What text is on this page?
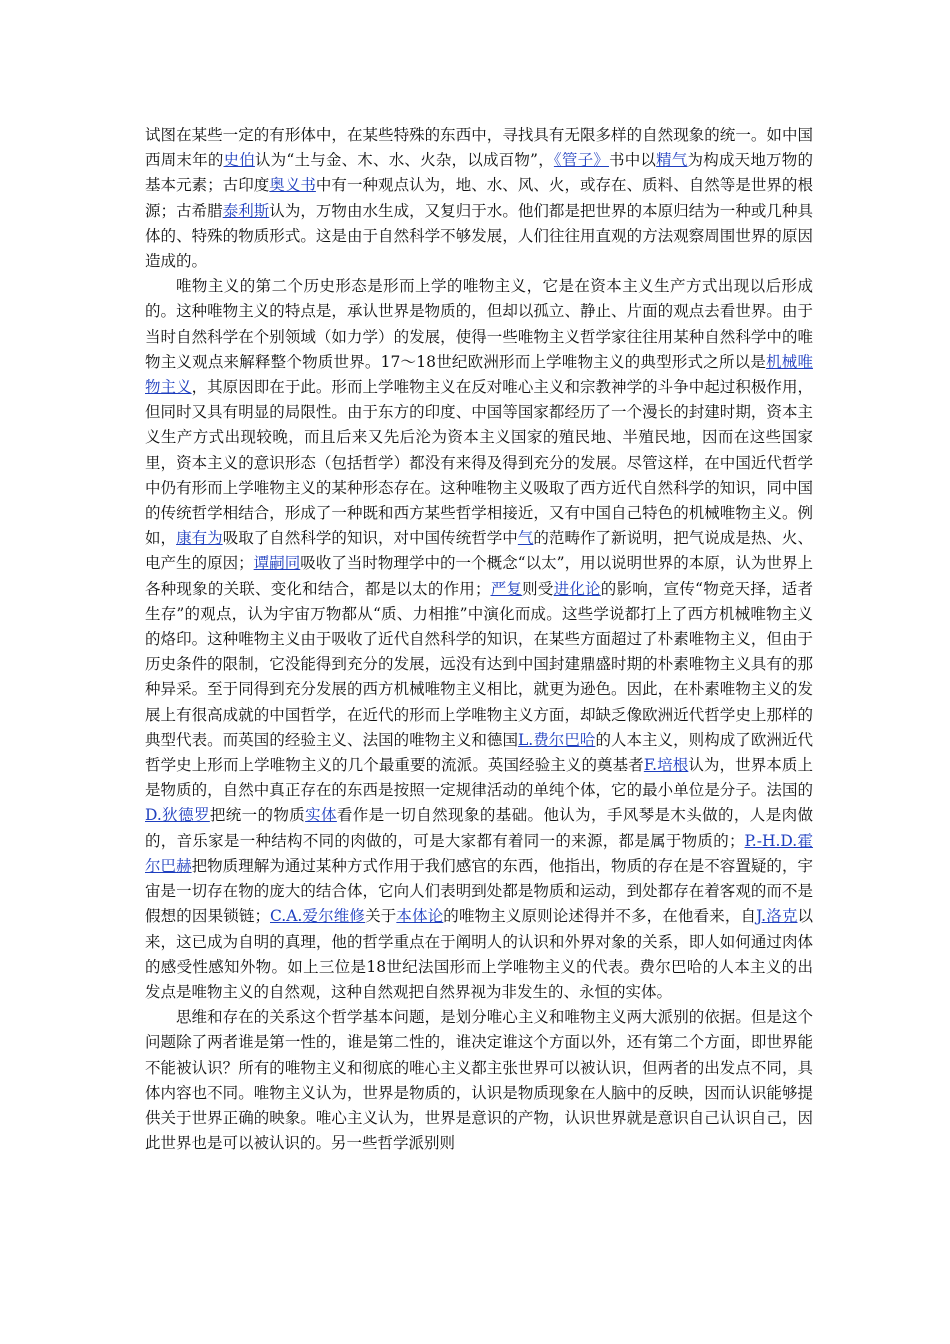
试图在某些一定的有形体中，在某些特殊的东西中，寻找具有无限多样的自然现象的统一。如中国西周末年的史伯认为“土与金、木、水、火杂，以成百物”，《管子》书中以精气为构成天地万物的基本元素；古印度奥义书中有一种观点认为，地、水、风、火，或存在、质料、自然等是世界的根源；古希腊泰利斯认为，万物由水生成，又复归于水。他们都是把世界的本原归结为一种或几种具体的、特殊的物质形式。这是由于自然科学不够发展，人们往往用直观的方法观察周围世界的原因造成的。

唯物主义的第二个历史形态是形而上学的唯物主义，它是在资本主义生产方式出现以后形成的。这种唯物主义的特点是，承认世界是物质的，但却以孤立、静止、片面的观点去看世界。由于当时自然科学在个别领域（如力学）的发展，使得一些唯物主义哲学家往往用某种自然科学中的唯物主义观点来解释整个物质世界。17～18世纪欧洲形而上学唯物主义的典型形式之所以是机械唯物主义，其原因即在于此。形而上学唯物主义在反对唯心主义和宗教神学的斗争中起过积极作用，但同时又具有明显的局限性。由于东方的印度、中国等国家都经历了一个漫长的封建时期，资本主义生产方式出现较晚，而且后来又先后沦为资本主义国家的殖民地、半殖民地，因而在这些国家里，资本主义的意识形态（包括哲学）都没有来得及得到充分的发展。尽管这样，在中国近代哲学中仍有形而上学唯物主义的某种形态存在。这种唯物主义吸取了西方近代自然科学的知识，同中国的传统哲学相结合，形成了一种既和西方某些哲学相接近，又有中国自己特色的机械唯物主义。例如，康有为吸取了自然科学的知识，对中国传统哲学中气的范畴作了新说明，把气说成是热、火、电产生的原因；谭嗣同吸收了当时物理学中的一个概念“以太”，用以说明世界的本原，认为世界上各种现象的关联、变化和结合，都是以太的作用；严复则受进化论的影响，宣传“物竞天择，适者生存”的观点，认为宇宙万物都从“质、力相推”中演化而成。这些学说都打上了西方机械唯物主义的烙印。这种唯物主义由于吸收了近代自然科学的知识，在某些方面超过了朴素唯物主义，但由于历史条件的限制，它没能得到充分的发展，远没有达到中国封建鼎盛时期的朴素唯物主义具有的那种异采。至于同得到充分发展的西方机械唯物主义相比，就更为逊色。因此，在朴素唯物主义的发展上有很高成就的中国哲学，在近代的形而上学唯物主义方面，却缺乏像欧洲近代哲学史上那样的典型代表。而英国的经验主义、法国的唯物主义和德国L.费尔巴哈的人本主义，则构成了欧洲近代哲学史上形而上学唯物主义的几个最重要的流派。英国经验主义的奠基者F.培根认为，世界本质上是物质的，自然中真正存在的东西是按照一定规律活动的单纯个体，它的最小单位是分子。法国的D.狄德罗把统一的物质实体看作是一切自然现象的基础。他认为，手风琴是木头做的，人是肉做的，音乐家是一种结构不同的肉做的，可是大家都有着同一的来源，都是属于物质的；P.-H.D.霍尔巴赫把物质理解为通过某种方式作用于我们感官的东西，他指出，物质的存在是不容置疑的，宇宙是一切存在物的庞大的结合体，它向人们表明到处都是物质和运动，到处都存在着客观的而不是假想的因果锁链；C.A.爱尔维修关于本体论的唯物主义原则论述得并不多，在他看来，自J.洛克以来，这已成为自明的真理，他的哲学重点在于阐明人的认识和外界对象的关系，即人如何通过肉体的感受性感知外物。如上三位是18世纪法国形而上学唯物主义的代表。费尔巴哈的人本主义的出发点是唯物主义的自然观，这种自然观把自然界视为非发生的、永恒的实体。

思维和存在的关系这个哲学基本问题，是划分唯心主义和唯物主义两大派别的依据。但是这个问题除了两者谁是第一性的，谁是第二性的，谁决定谁这个方面以外，还有第二个方面，即世界能不能被认识？所有的唯物主义和彻底的唯心主义都主张世界可以被认识，但两者的出发点不同，具体内容也不同。唯物主义认为，世界是物质的，认识是物质现象在人脑中的反映，因而认识能够提供关于世界正确的映象。唯心主义认为，世界是意识的产物，认识世界就是意识自己认识自己，因此世界也是可以被认识的。另一些哲学派别则
